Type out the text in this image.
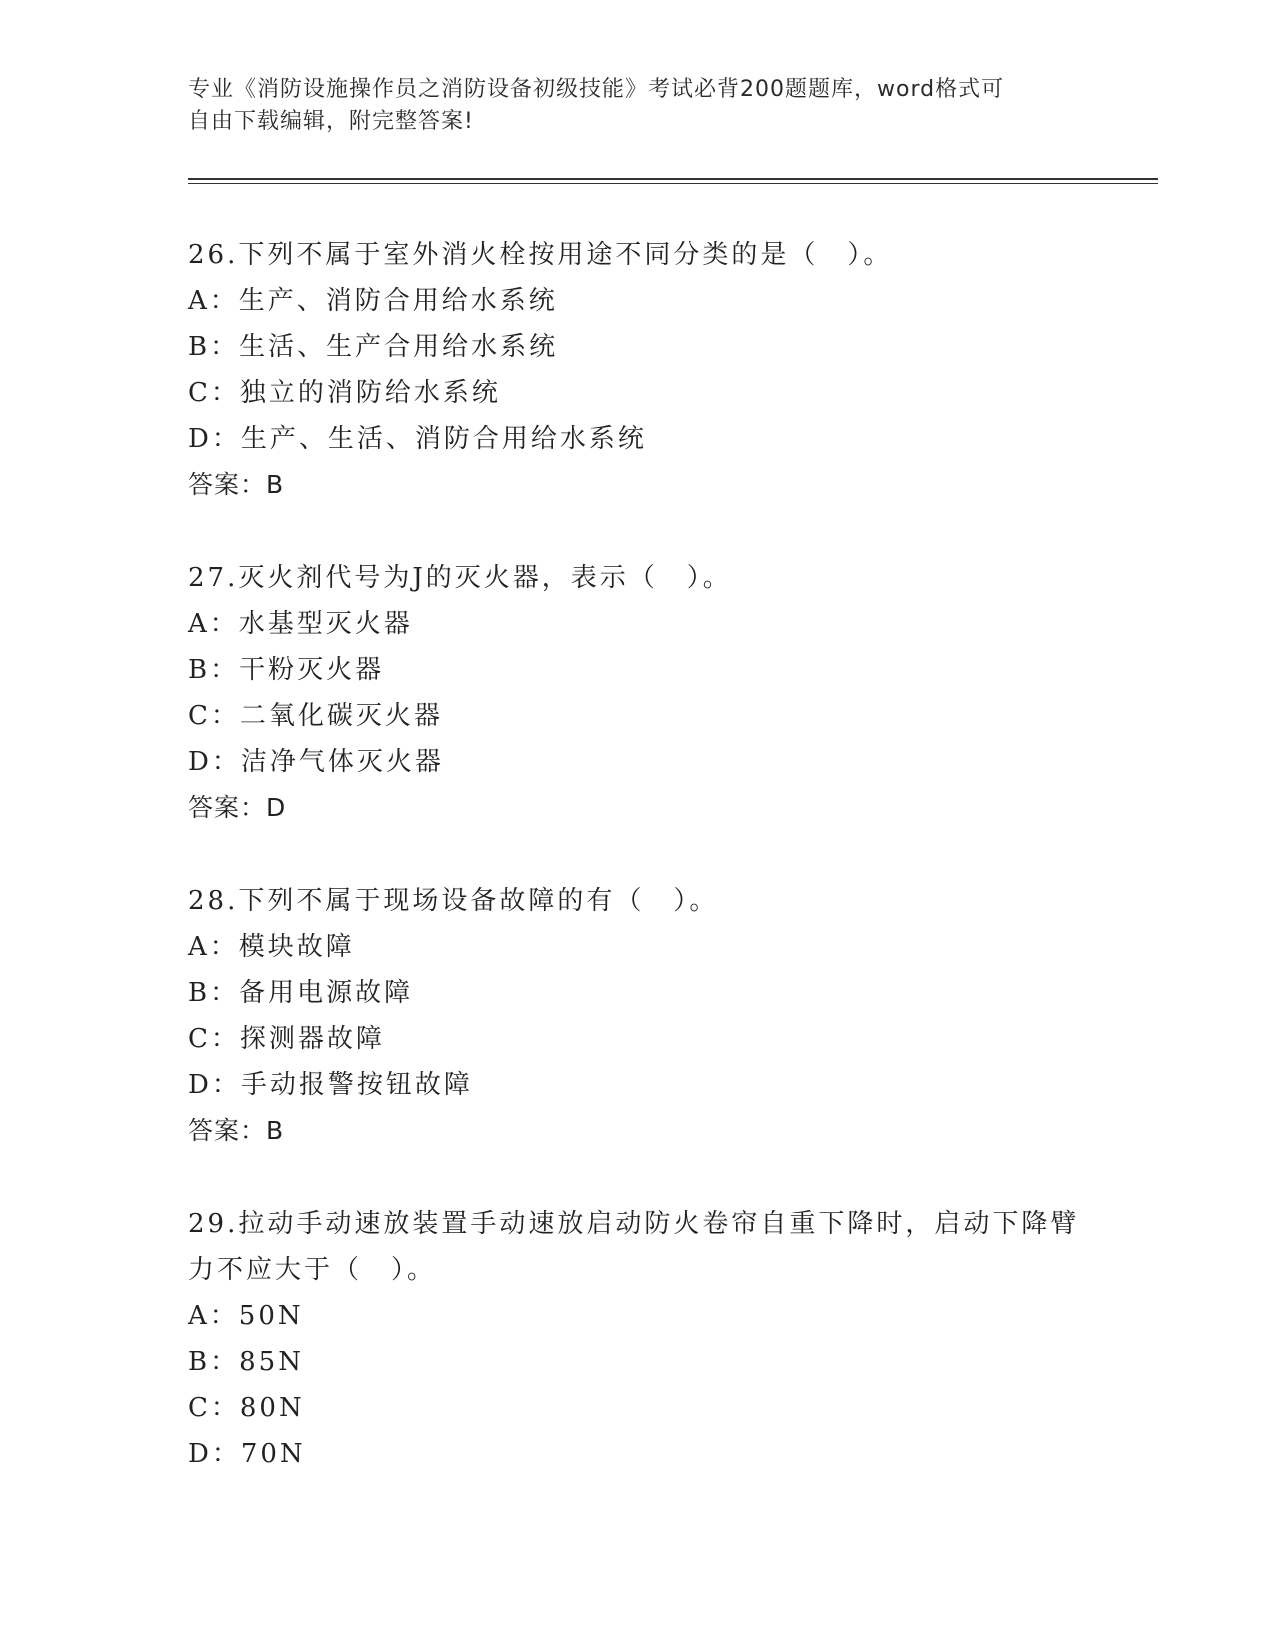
专业《消防设施操作员之消防设备初级技能》考试必背200题题库，word格式可
自由下载编辑，附完整答案!
26.下列不属于室外消火栓按用途不同分类的是（　）。
A：生产、消防合用给水系统
B：生活、生产合用给水系统
C：独立的消防给水系统
D：生产、生活、消防合用给水系统
答案：B
27.灭火剂代号为J的灭火器，表示（　）。
A：水基型灭火器
B：干粉灭火器
C：二氧化碳灭火器
D：洁净气体灭火器
答案：D
28.下列不属于现场设备故障的有（　）。
A：模块故障
B：备用电源故障
C：探测器故障
D：手动报警按钮故障
答案：B
29.拉动手动速放装置手动速放启动防火卷帘自重下降时，启动下降臂
力不应大于（　）。
A：50N
B：85N
C：80N
D：70N
